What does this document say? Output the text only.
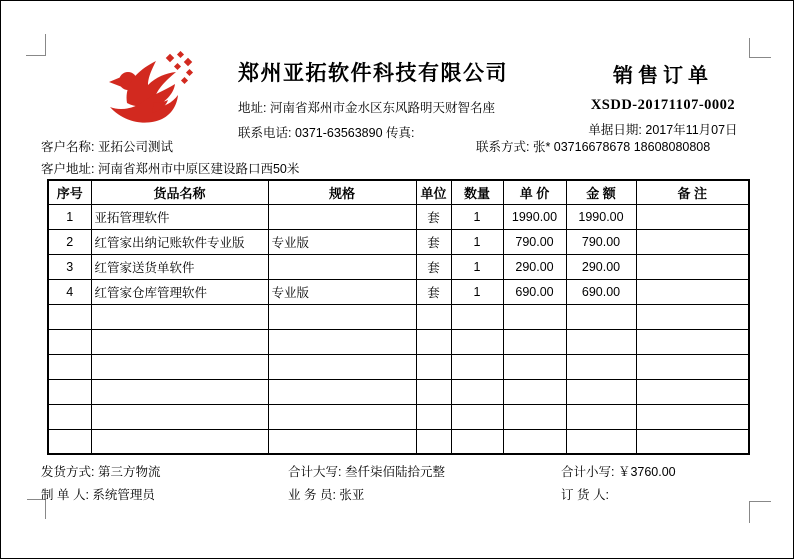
郑州亚拓软件科技有限公司
地址: 河南省郑州市金水区东风路明天财智名座
联系电话: 0371-63563890 传真:
销售订单
XSDD-20171107-0002
单据日期: 2017年11月07日
客户名称: 亚拓公司测试	联系方式: 张* 03716678678 18608080808
客户地址: 河南省郑州市中原区建设路口西50米
序号	货品名称	规格	单位	数量	单 价	金 额	备 注
1	亚拓管理软件		套	1	1990.00	1990.00	
2	红管家出纳记账软件专业版	专业版	套	1	790.00	790.00	
3	红管家送货单软件		套	1	290.00	290.00	
4	红管家仓库管理软件	专业版	套	1	690.00	690.00	

发货方式: 第三方物流	合计大写: 叁仟柒佰陆拾元整	合计小写: ￥3760.00
制 单 人: 系统管理员	业 务 员: 张亚	订 货 人:
